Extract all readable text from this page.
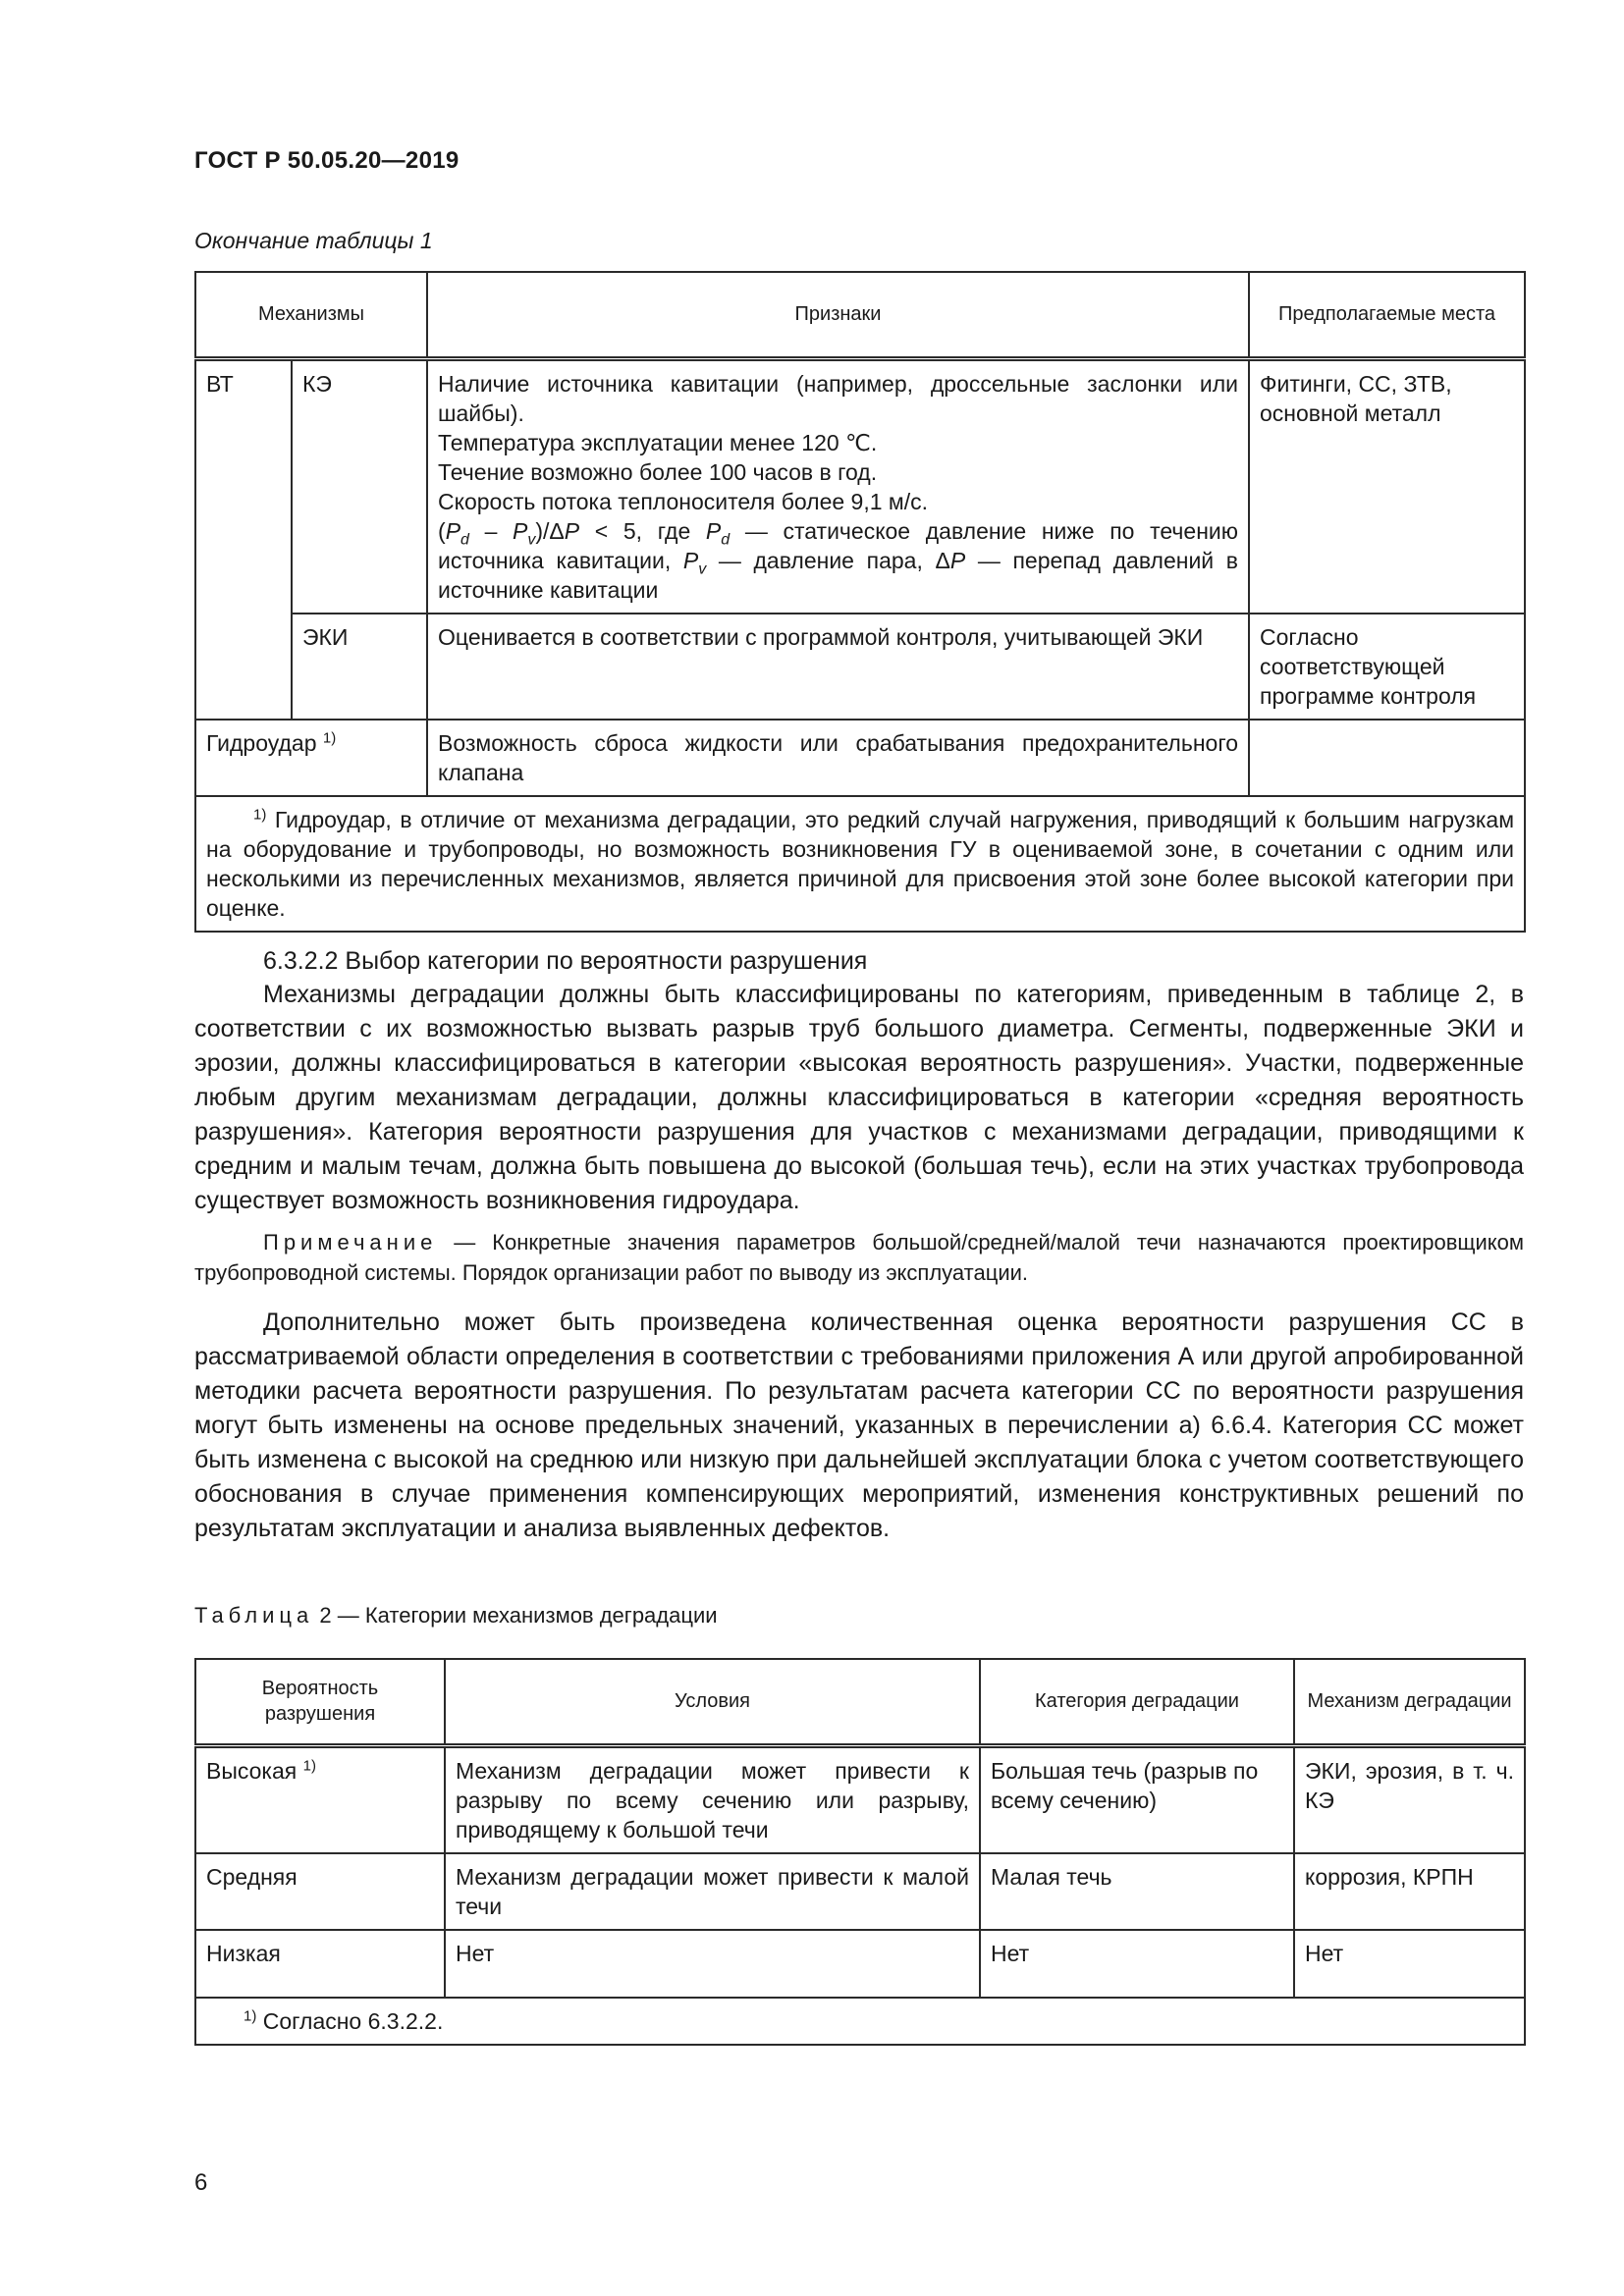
ГОСТ Р 50.05.20—2019
Окончание таблицы 1
Механизмы		Признаки	Предполагаемые места
ВТ	КЭ	Наличие источника кавитации (например, дроссельные заслонки или шайбы).
Температура эксплуатации менее 120 ℃.
Течение возможно более 100 часов в год.
Скорость потока теплоносителя более 9,1 м/с.
$(P_d - P_v)/\Delta P < 5$, где $P_d$ — статическое давление ниже по течению источника кавитации, $P_v$ — давление пара, ΔP — перепад давлений в источнике кавитации	Фитинги, СС, ЗТВ, основной металл
	ЭКИ	Оценивается в соответствии с программой контроля, учитывающей ЭКИ	Согласно соответствующей программе контроля
Гидроудар $^{1)}$		Возможность сброса жидкости или срабатывания предохранительного клапана	
$^{1)}$ Гидроудар, в отличие от механизма деградации, это редкий случай нагружения, приводящий к большим нагрузкам на оборудование и трубопроводы, но возможность возникновения ГУ в оцениваемой зоне, в сочетании с одним или несколькими из перечисленных механизмов, является причиной для присвоения этой зоне более высокой категории при оценке.			
6.3.2.2 Выбор категории по вероятности разрушения
Механизмы деградации должны быть классифицированы по категориям, приведенным в таблице 2, в соответствии с их возможностью вызвать разрыв труб большого диаметра. Сегменты, подверженные ЭКИ и эрозии, должны классифицироваться в категории «высокая вероятность разрушения». Участки, подверженные любым другим механизмам деградации, должны классифицироваться в категории «средняя вероятность разрушения». Категория вероятности разрушения для участков с механизмами деградации, приводящими к средним и малым течам, должна быть повышена до высокой (большая течь), если на этих участках трубопровода существует возможность возникновения гидроудара.
Примечание — Конкретные значения параметров большой/средней/малой течи назначаются проектировщиком трубопроводной системы. Порядок организации работ по выводу из эксплуатации.
Дополнительно может быть произведена количественная оценка вероятности разрушения СС в рассматриваемой области определения в соответствии с требованиями приложения А или другой апробированной методики расчета вероятности разрушения. По результатам расчета категории СС по вероятности разрушения могут быть изменены на основе предельных значений, указанных в перечислении а) 6.6.4. Категория СС может быть изменена с высокой на среднюю или низкую при дальнейшей эксплуатации блока с учетом соответствующего обоснования в случае применения компенсирующих мероприятий, изменения конструктивных решений по результатам эксплуатации и анализа выявленных дефектов.
Таблица 2 — Категории механизмов деградации
Вероятность разрушения	Условия	Категория деградации	Механизм деградации
Высокая $^{1)}$	Механизм деградации может привести к разрыву по всему сечению или разрыву, приводящему к большой течи	Большая течь (разрыв по всему сечению)	ЭКИ, эрозия, в т. ч. КЭ
Средняя	Механизм деградации может привести к малой течи	Малая течь	коррозия, КРПН
Низкая	Нет	Нет	Нет
$^{1)}$ Согласно 6.3.2.2.			
6
